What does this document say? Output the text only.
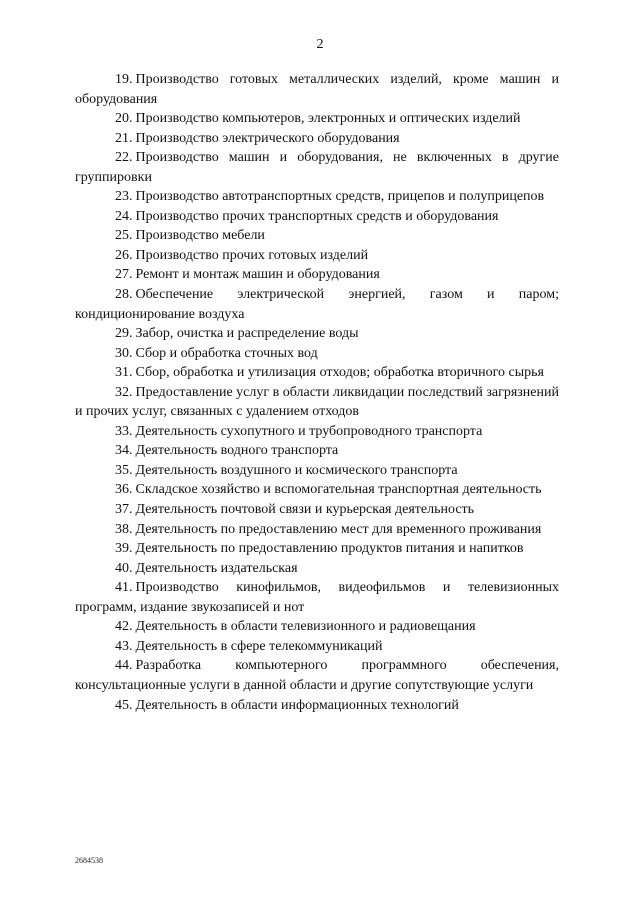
2
19. Производство готовых металлических изделий, кроме машин и оборудования
20. Производство компьютеров, электронных и оптических изделий
21. Производство электрического оборудования
22. Производство машин и оборудования, не включенных в другие группировки
23. Производство автотранспортных средств, прицепов и полуприцепов
24. Производство прочих транспортных средств и оборудования
25. Производство мебели
26. Производство прочих готовых изделий
27. Ремонт и монтаж машин и оборудования
28. Обеспечение электрической энергией, газом и паром; кондиционирование воздуха
29. Забор, очистка и распределение воды
30. Сбор и обработка сточных вод
31. Сбор, обработка и утилизация отходов; обработка вторичного сырья
32. Предоставление услуг в области ликвидации последствий загрязнений и прочих услуг, связанных с удалением отходов
33. Деятельность сухопутного и трубопроводного транспорта
34. Деятельность водного транспорта
35. Деятельность воздушного и космического транспорта
36. Складское хозяйство и вспомогательная транспортная деятельность
37. Деятельность почтовой связи и курьерская деятельность
38. Деятельность по предоставлению мест для временного проживания
39. Деятельность по предоставлению продуктов питания и напитков
40. Деятельность издательская
41. Производство кинофильмов, видеофильмов и телевизионных программ, издание звукозаписей и нот
42. Деятельность в области телевизионного и радиовещания
43. Деятельность в сфере телекоммуникаций
44. Разработка компьютерного программного обеспечения, консультационные услуги в данной области и другие сопутствующие услуги
45. Деятельность в области информационных технологий
2684538
